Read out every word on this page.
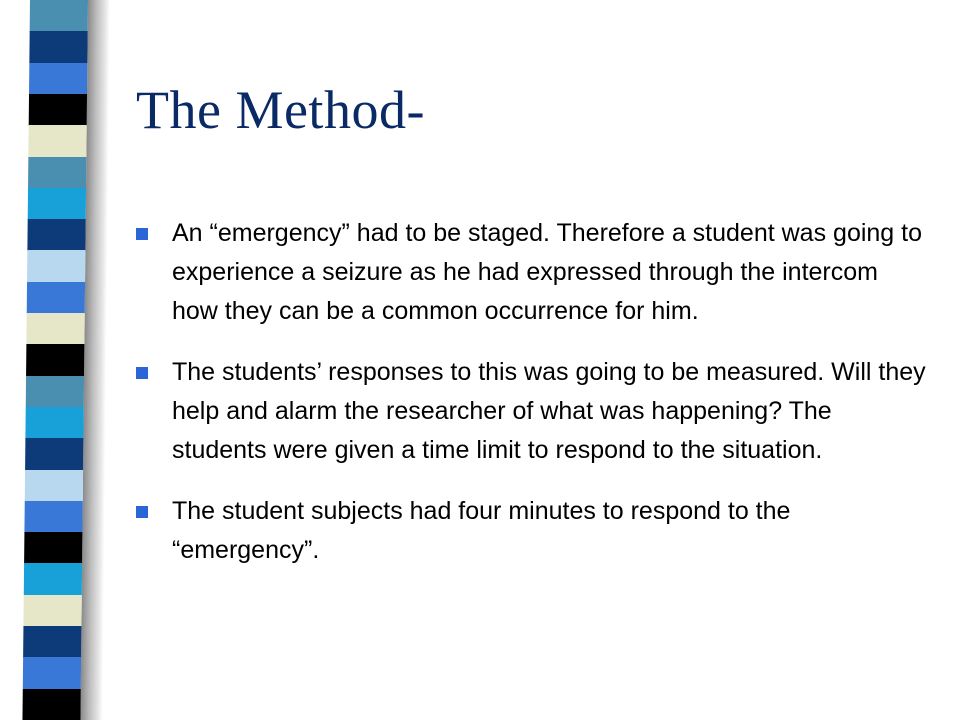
The Method-
An “emergency” had to be staged. Therefore a student was going to experience a seizure as he had expressed through the intercom how they can be a common occurrence for him.
The students’ responses to this was going to be measured. Will they help and alarm the researcher of what was happening? The students were given a time limit to respond to the situation.
The student subjects had four minutes to respond to the “emergency”.
